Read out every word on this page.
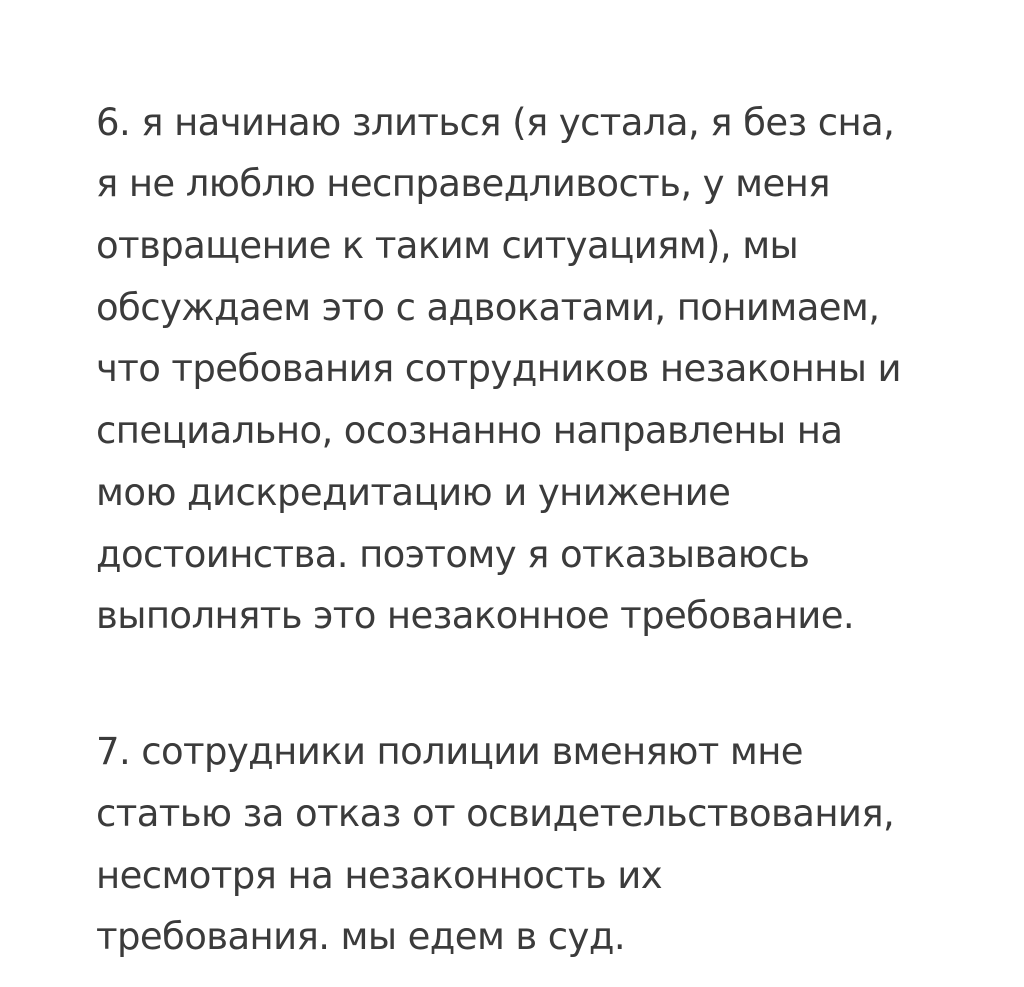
6. я начинаю злиться (я устала, я без сна,

я не люблю несправедливость, у меня

отвращение к таким ситуациям), мы

обсуждаем это с адвокатами, понимаем,

что требования сотрудников незаконны и

специально, осознанно направлены на

мою дискредитацию и унижение

достоинства. поэтому я отказываюсь

выполнять это незаконное требование.

7. сотрудники полиции вменяют мне

статью за отказ от освидетельствования,

несмотря на незаконность их

требования. мы едем в суд.
